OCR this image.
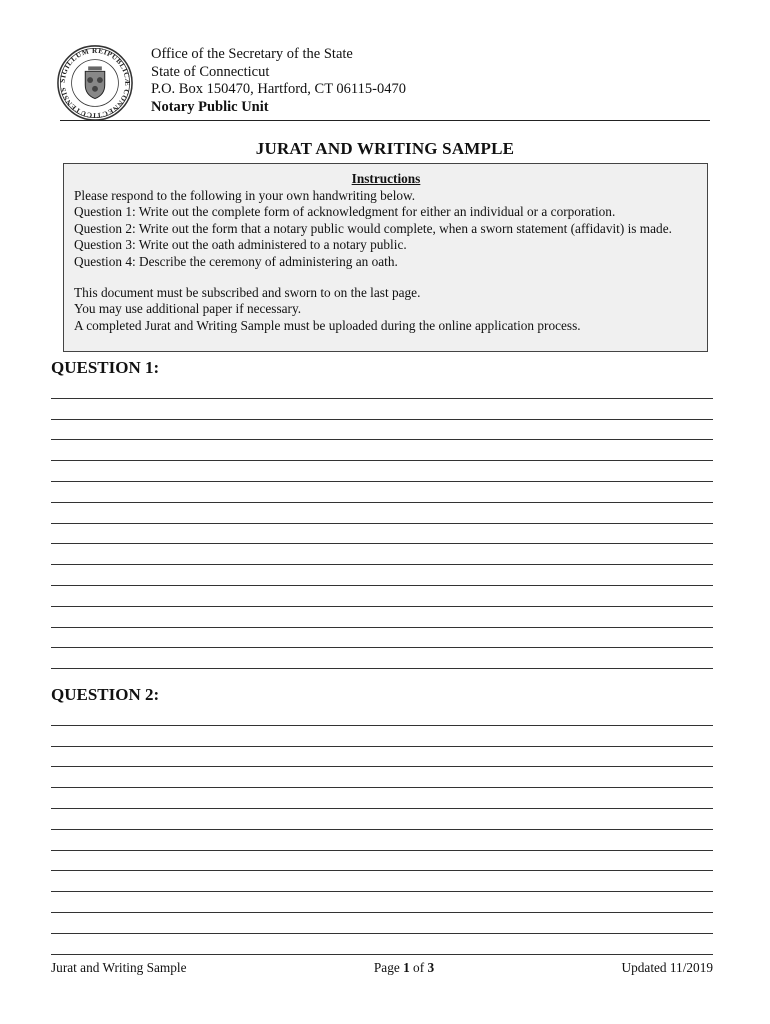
SIGILLUM REIPUBLICÆ CONNECTICUTENSIS
Office of the Secretary of the State
State of Connecticut
P.O. Box 150470, Hartford, CT 06115-0470
Notary Public Unit
JURAT AND WRITING SAMPLE
Instructions
Please respond to the following in your own handwriting below.
Question 1: Write out the complete form of acknowledgment for either an individual or a corporation.
Question 2: Write out the form that a notary public would complete, when a sworn statement (affidavit) is made.
Question 3: Write out the oath administered to a notary public.
Question 4: Describe the ceremony of administering an oath.
This document must be subscribed and sworn to on the last page.
You may use additional paper if necessary.
A completed Jurat and Writing Sample must be uploaded during the online application process.
QUESTION 1:
QUESTION 2:
Jurat and Writing Sample	Page 1 of 3	Updated 11/2019
